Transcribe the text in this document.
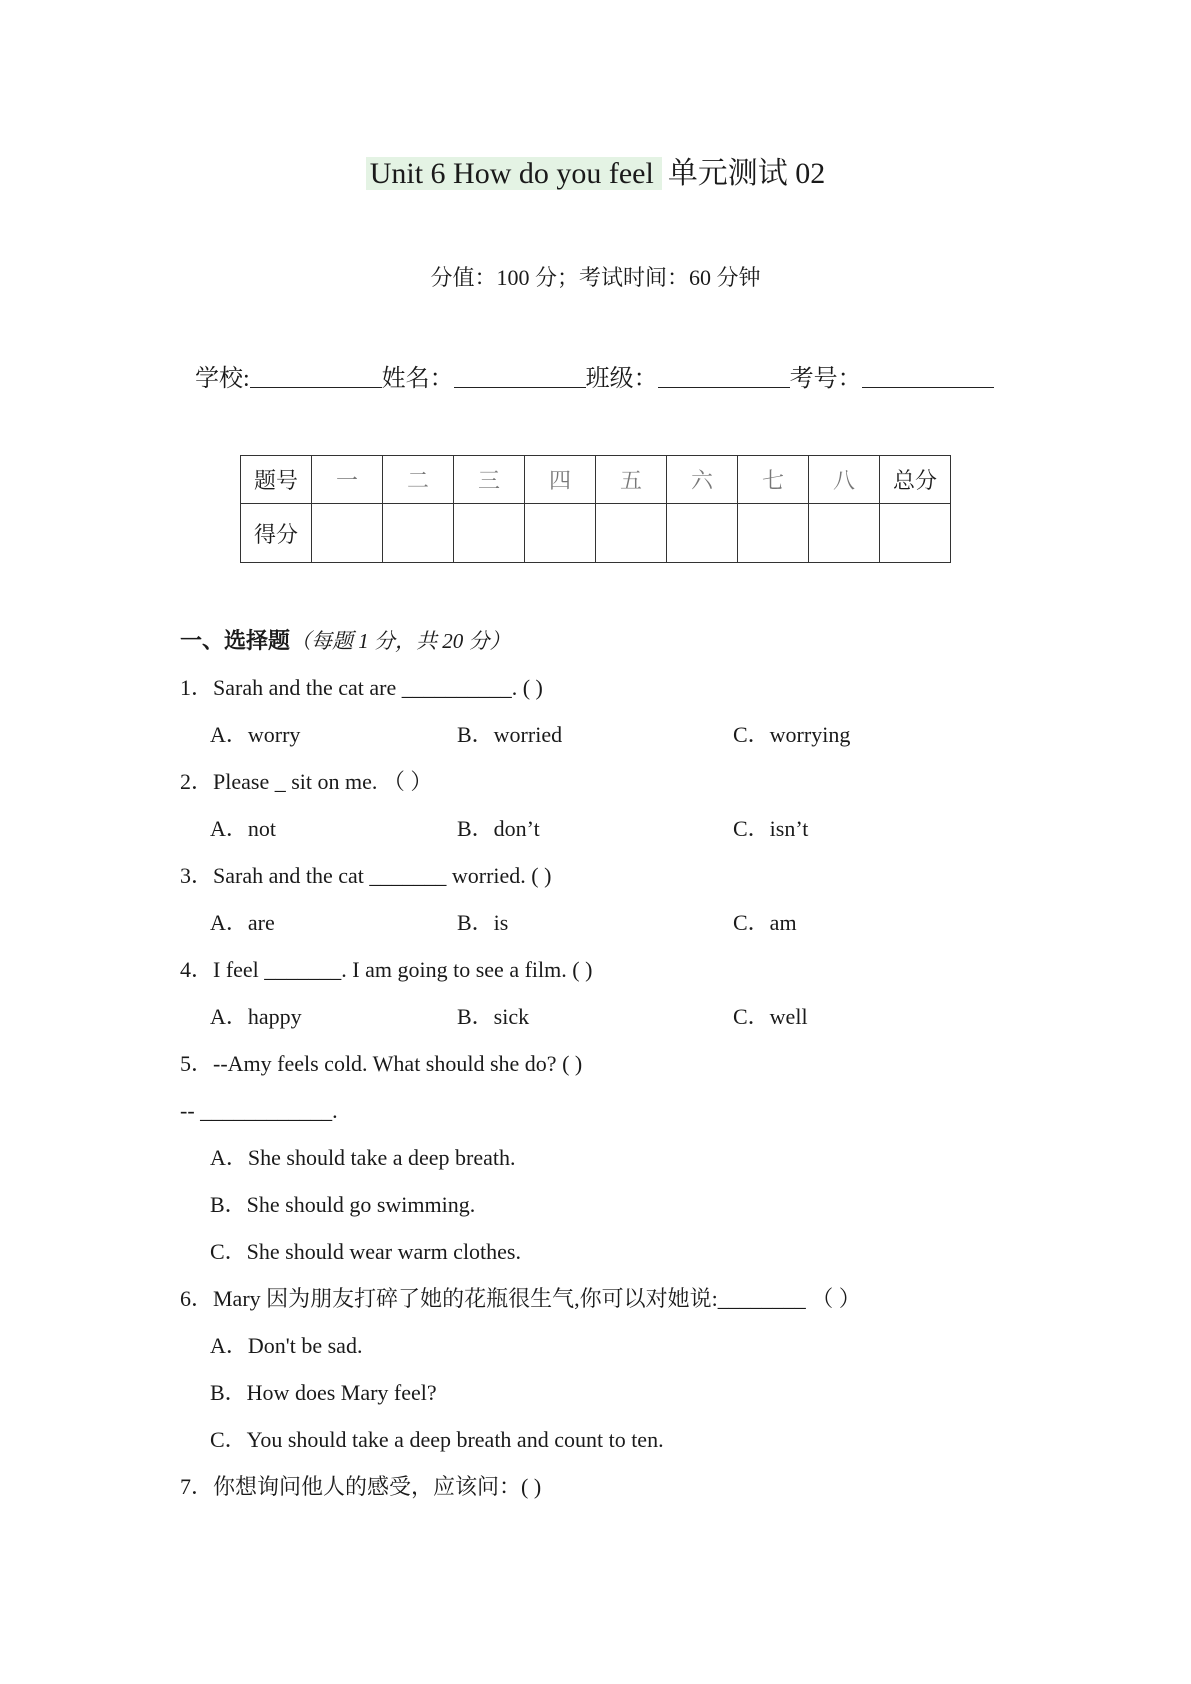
Unit 6 How do you feel 单元测试 02
分值：100 分；考试时间：60 分钟
学校:	姓名：	班级：	考号：
题号	一	二	三	四	五	六	七	八	总分
得分									
一、选择题（每题 1 分，共 20 分）
1．Sarah and the cat are __________. ( )
A．worry	B．worried	C．worrying
2．Please _ sit on me. （ ）
A．not	B．don’t	C．isn’t
3．Sarah and the cat _______ worried. ( )
A．are	B．is	C．am
4．I feel _______. I am going to see a film. ( )
A．happy	B．sick	C．well
5．--Amy feels cold. What should she do? ( )
-- ____________.
A．She should take a deep breath.
B．She should go swimming.
C．She should wear warm clothes.
6．Mary 因为朋友打碎了她的花瓶很生气,你可以对她说:________ （ ）
A．Don't be sad.
B．How does Mary feel?
C．You should take a deep breath and count to ten.
7．你想询问他人的感受，应该问：( )
